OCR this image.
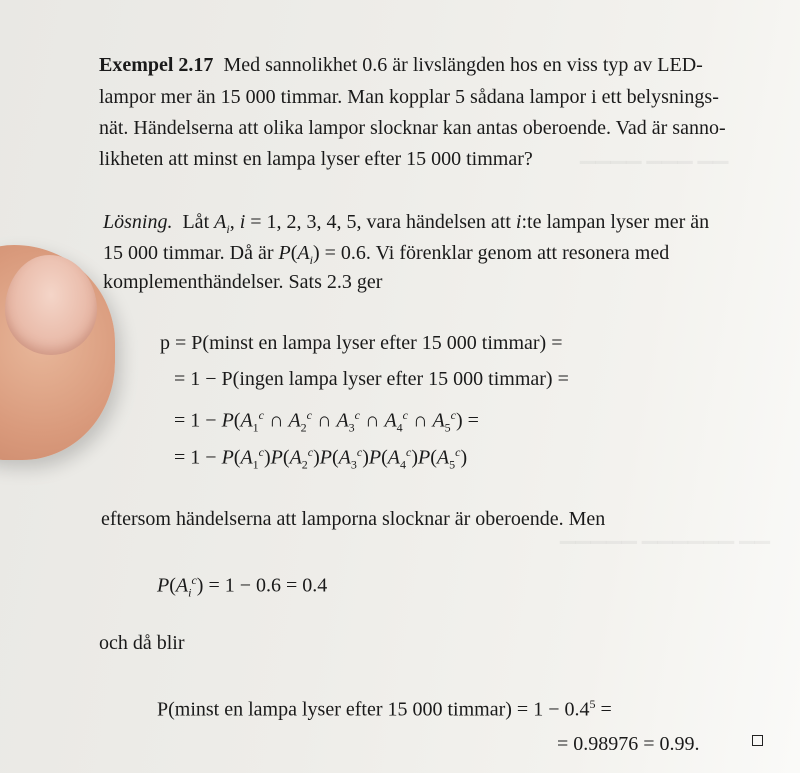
▁▁▁▁ ▁▁▁ ▁▁
▁▁▁▁▁ ▁▁▁▁▁▁ ▁▁
Exempel 2.17 Med sannolikhet 0.6 är livslängden hos en viss typ av LED-
lampor mer än 15 000 timmar. Man kopplar 5 sådana lampor i ett belysnings-
nät. Händelserna att olika lampor slocknar kan antas oberoende. Vad är sanno-
likheten att minst en lampa lyser efter 15 000 timmar?
Lösning. Låt $A_i$, i = 1, 2, 3, 4, 5, vara händelsen att i:te lampan lyser mer än
15 000 timmar. Då är $P(A_i) = 0.6$. Vi förenklar genom att resonera med
komplementhändelser. Sats 2.3 ger
p = P(minst en lampa lyser efter 15 000 timmar) =
= 1 − P(ingen lampa lyser efter 15 000 timmar) =
= $1 - P(A_1^c$ ∩ $A_2^c$ ∩ $A_3^c$ ∩ $A_4^c$ ∩ $A_5^c$) =
= $1 - P(A_1^c)P(A_2^c)P(A_3^c)P(A_4^c)P(A_5^c)$
eftersom händelserna att lamporna slocknar är oberoende. Men
$P(A_i^c) = 1 - 0.6 = 0.4$
och då blir
P(minst en lampa lyser efter 15 000 timmar) = $1 - 0.4^5$ =
= 0.98976 = 0.99.
